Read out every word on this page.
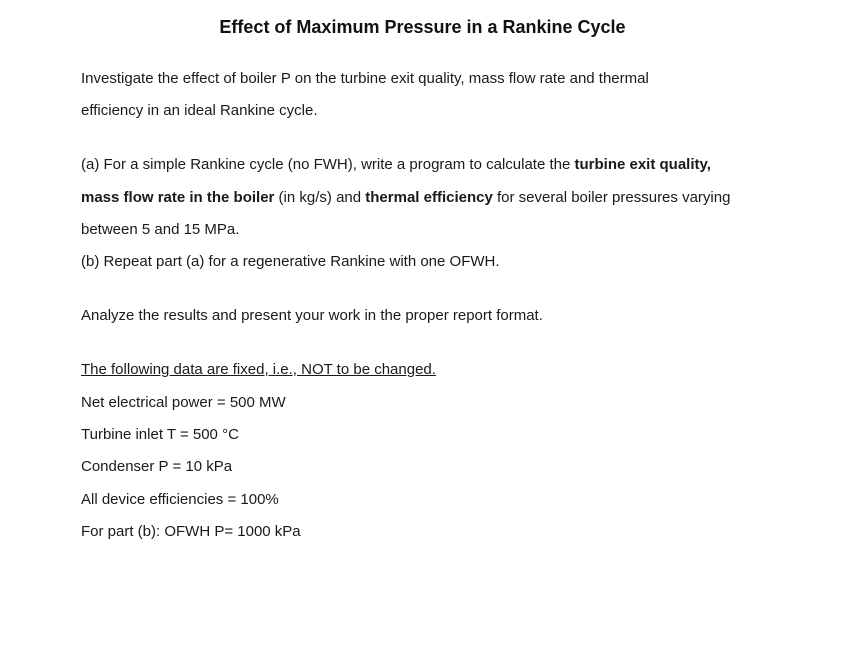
Effect of Maximum Pressure in a Rankine Cycle
Investigate the effect of boiler P on the turbine exit quality, mass flow rate and thermal
efficiency in an ideal Rankine cycle.
(a) For a simple Rankine cycle (no FWH), write a program to calculate the turbine exit quality,
mass flow rate in the boiler (in kg/s) and thermal efficiency for several boiler pressures varying
between 5 and 15 MPa.
(b) Repeat part (a) for a regenerative Rankine with one OFWH.
Analyze the results and present your work in the proper report format.
The following data are fixed, i.e., NOT to be changed.
Net electrical power = 500 MW
Turbine inlet T = 500 °C
Condenser P = 10 kPa
All device efficiencies = 100%
For part (b): OFWH P= 1000 kPa
